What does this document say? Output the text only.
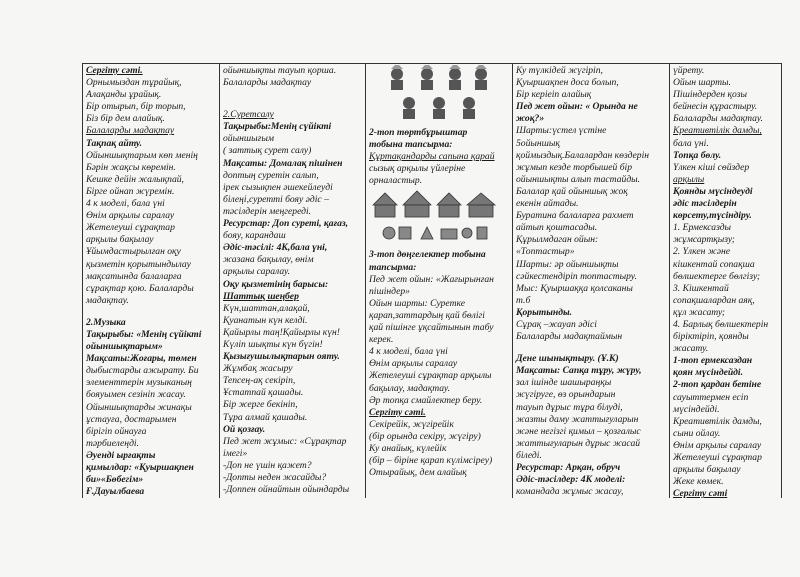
Сергіту сәті.

Орнымыздан тұрайық,

Алақанды ұрайық.

Бір отырып, бір торып,

Біз бір дем алайық.

Балаларды мадақтау

Тақпақ айту.

Ойыншықтарым көп менің

Бәрін жақсы көремін.

Кешке дейін жалықпай,

Бірге ойнап жүремін.

4 к моделі, бала үні

Өнім арқылы саралау

Жетелеуші сұрақтар

арқылы бақылау

Ұйымдастырылған оқу

қызметін қорытындылау

мақсатында балаларға

сұрақтар қою. Балаларды

мадақтау.

2.Музыка

Тақырыбы: «Менің сүйікті

ойыншықтарым»

Мақсаты:Жоғары, төмен

дыбыстарды ажырату. Би

элементтерін музыканың

бояуымен сезініп жасау.

Ойыншықтарды жинақы

ұстауға, достарымен

бірігіп ойнауға

тәрбиелеңді.

Әуенді ырғақты

қимылдар: «Қуыршақпен

би»«Бөбегім»

Ғ.Дауылбаева

ойыншықты тауып қорша.

Балаларды мадақтау

2.Суретсалу

Тақырыбы:Менің сүйікті

ойыншығым

( заттық сурет салу)

Мақсаты: Домалақ пішінен

доптың суретін салып,

ірек сызықпен әшекейлеуді

білеңі,суретті бояу әдіс –

тәсілдерін меңгереді.

Ресурстар: Доп суреті, қағаз,

бояу, карандаш

Әдіс-тәсілі: 4К,бала үні,

жазана бақылау, өнім

арқылы саралау.

Оқу қызметінің барысы:

Шаттық шеңбер

Күн,шаттан,алақай,

Қуанатын күн келді.

Қайырлы таң!Қайырлы күн!

Күліп шықты күн бүгін!

Қызығушылықтарын ояту.

Жұмбақ жасыру

Тепсең-ақ секіріп,

Ұстатпай қашады.

Бір жерге бекініп,

Тұра алмай қашады.

Ой қозғау.

Пед жет жұмыс: «Сұрақтар

імегі»

-Доп не үшін қажет?

-Допты неден жасайды?

-Доппен ойнайтын ойындарды

2-топ төртбұрыштар

тобына тапсырма:

Құртақандарды сапына қарай

сызық арқылы үйлеріне

орналастыр.

3-топ дөңгелектер тобына

тапсырма:

Пед жет ойын: «Жағырынған

пішіндер»

Ойын шарты: Суретке

қарап,заттардың қай бөлігі

қай пішінге ұқсайтынын табу

керек.

4 к моделі, бала үні

Өнім арқылы саралау

Жетелеуші сұрақтар арқылы

бақылау, мадақтау.

Әр топқа смайлектер беру.

Сергіту сәті.

Секірейік, жүгірейік

(бір орында секіру, жүгіру)

Ку анайық, күлейік

(бір – біріне қарап күлімсіреу)

Отырайық, дем алайық

Ку түлкідей жүгіріп,

Қуыршақпен доса болып,

Бір керіеіп алайық

Пед жет ойын: « Орында не

жоқ?»

Шарты:үстел үстіне

5ойыншық

қоймыздық.Балалардан көздерін

жұмып кезде торбышей бір

ойыншықты алып тастайды.

Балалар қай ойыншық жоқ

екенін айтады.

Буратина балаларға рахмет

айтып қоштасады.

Құрылмдаган ойын:

«Топтастыр»

Шарты: әр ойыншықты

сәйкестендіріп топтастыру.

Мыс: Қуыршаққа қолсаканы

т.б

Қорытынды.

Сұрақ –жауап әдісі

Балаларды мадақтаймын

Дене шынықтыру. (Ұ.К)

Мақсаты: Сапқа тұру, жүру,

зал ішінде шашыраңқы

жүгіруге, өз орындарын

тауып дұрыс тұра білуді,

жазты даму жаттығуларын

және негізгі қимыл – қозғалыс

жаттығуларын дұрыс жасай

біледі.

Ресурстар: Арқан, обруч

Әдіс-тәсілдер: 4К моделі:

командада жұмыс жасау,

үйрету.

Ойын шарты.

Пішіндерден қозы

бейнесін құрастыру.

Балаларды мадақтау.

Креативтілік дамды,

бала үні.

Топқа бөлу.

Үлкен кіші сөйздер

арқылы

Қоянды мүсіндеуді

әдіс тәсілдерін

көрсету,түсіндіру.

1. Ермексазды

жұмсартқызу;

2. Үлкен және

кішкентай сопақша

бөлшектерге бөлгізу;

3. Кішкентай

сопақшалардан аяқ,

құл жасату;

4. Барлық бөлшектерін

біріктіріп, қоянды

жасату.

1-топ ермексаздан

қоян мүсіндейді.

2-топ қардан бетіне

сауыттермен есіп

мүсіндейді.

Креативтілік дамды,

сыни ойлау.

Өнім арқылы саралау

Жетелеуші сұрақтар

арқылы бақылау

Жеке көмек.

Сергіту сәті
